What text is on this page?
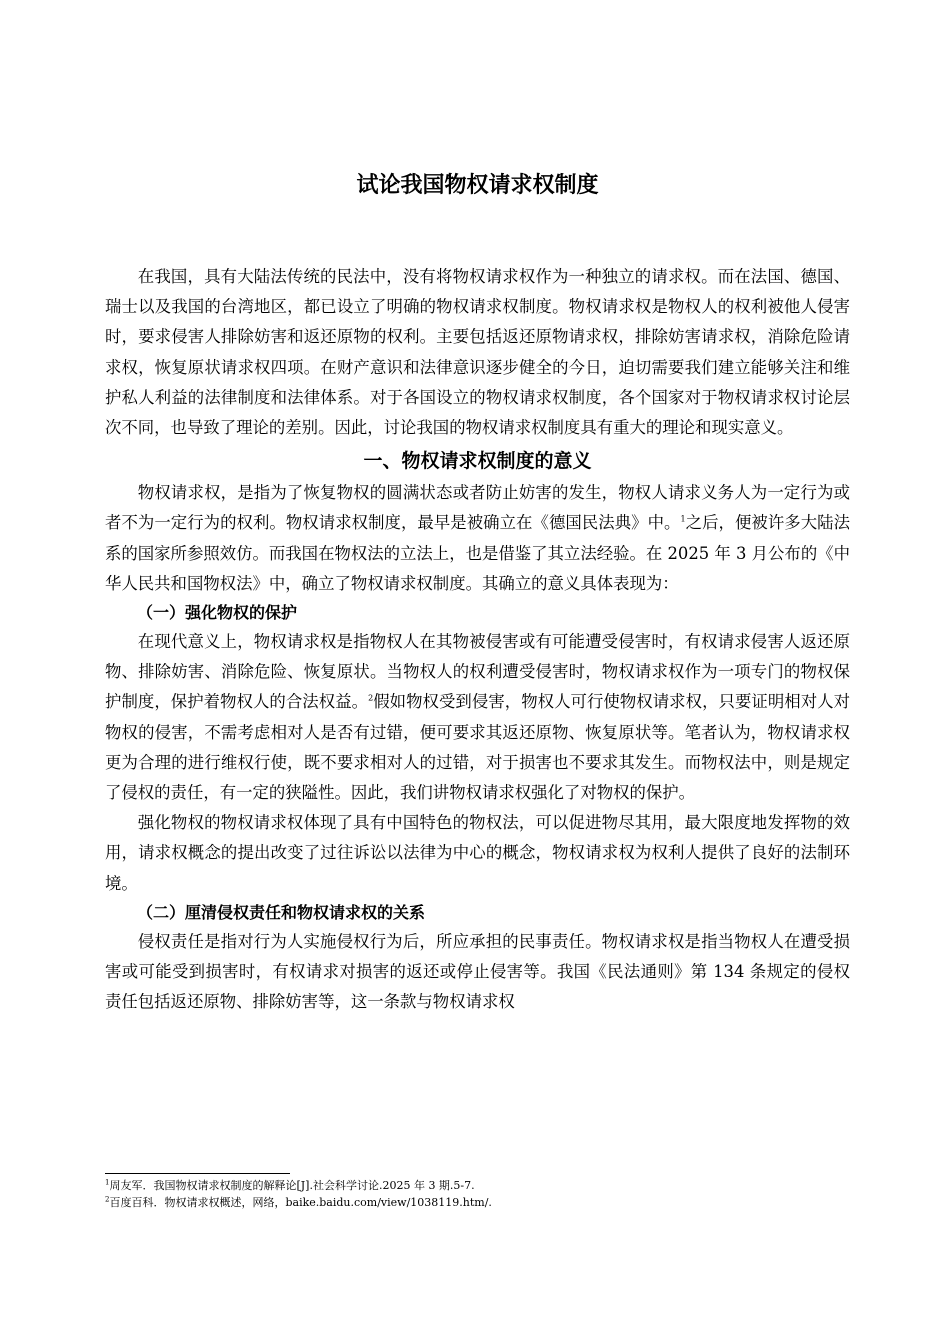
试论我国物权请求权制度

在我国，具有大陆法传统的民法中，没有将物权请求权作为一种独立的请求权。而在法国、德国、瑞士以及我国的台湾地区，都已设立了明确的物权请求权制度。物权请求权是物权人的权利被他人侵害时，要求侵害人排除妨害和返还原物的权利。主要包括返还原物请求权，排除妨害请求权，消除危险请求权，恢复原状请求权四项。在财产意识和法律意识逐步健全的今日，迫切需要我们建立能够关注和维护私人利益的法律制度和法律体系。对于各国设立的物权请求权制度，各个国家对于物权请求权讨论层次不同，也导致了理论的差别。因此，讨论我国的物权请求权制度具有重大的理论和现实意义。

一、物权请求权制度的意义

物权请求权，是指为了恢复物权的圆满状态或者防止妨害的发生，物权人请求义务人为一定行为或者不为一定行为的权利。物权请求权制度，最早是被确立在《德国民法典》中。$^1$之后，便被许多大陆法系的国家所参照效仿。而我国在物权法的立法上，也是借鉴了其立法经验。在 2025 年 3 月公布的《中华人民共和国物权法》中，确立了物权请求权制度。其确立的意义具体表现为：

（一）强化物权的保护

在现代意义上，物权请求权是指物权人在其物被侵害或有可能遭受侵害时，有权请求侵害人返还原物、排除妨害、消除危险、恢复原状。当物权人的权利遭受侵害时，物权请求权作为一项专门的物权保护制度，保护着物权人的合法权益。$^2$假如物权受到侵害，物权人可行使物权请求权，只要证明相对人对物权的侵害，不需考虑相对人是否有过错，便可要求其返还原物、恢复原状等。笔者认为，物权请求权更为合理的进行维权行使，既不要求相对人的过错，对于损害也不要求其发生。而物权法中，则是规定了侵权的责任，有一定的狭隘性。因此，我们讲物权请求权强化了对物权的保护。

强化物权的物权请求权体现了具有中国特色的物权法，可以促进物尽其用，最大限度地发挥物的效用，请求权概念的提出改变了过往诉讼以法律为中心的概念，物权请求权为权利人提供了良好的法制环境。

（二）厘清侵权责任和物权请求权的关系

侵权责任是指对行为人实施侵权行为后，所应承担的民事责任。物权请求权是指当物权人在遭受损害或可能受到损害时，有权请求对损害的返还或停止侵害等。我国《民法通则》第 134 条规定的侵权责任包括返还原物、排除妨害等，这一条款与物权请求权

$^1$周友军．我国物权请求权制度的解释论[J].社会科学讨论.2025 年 3 期.5-7.

$^2$百度百科．物权请求权概述，网络，baike.baidu.com/view/1038119.htm/.
